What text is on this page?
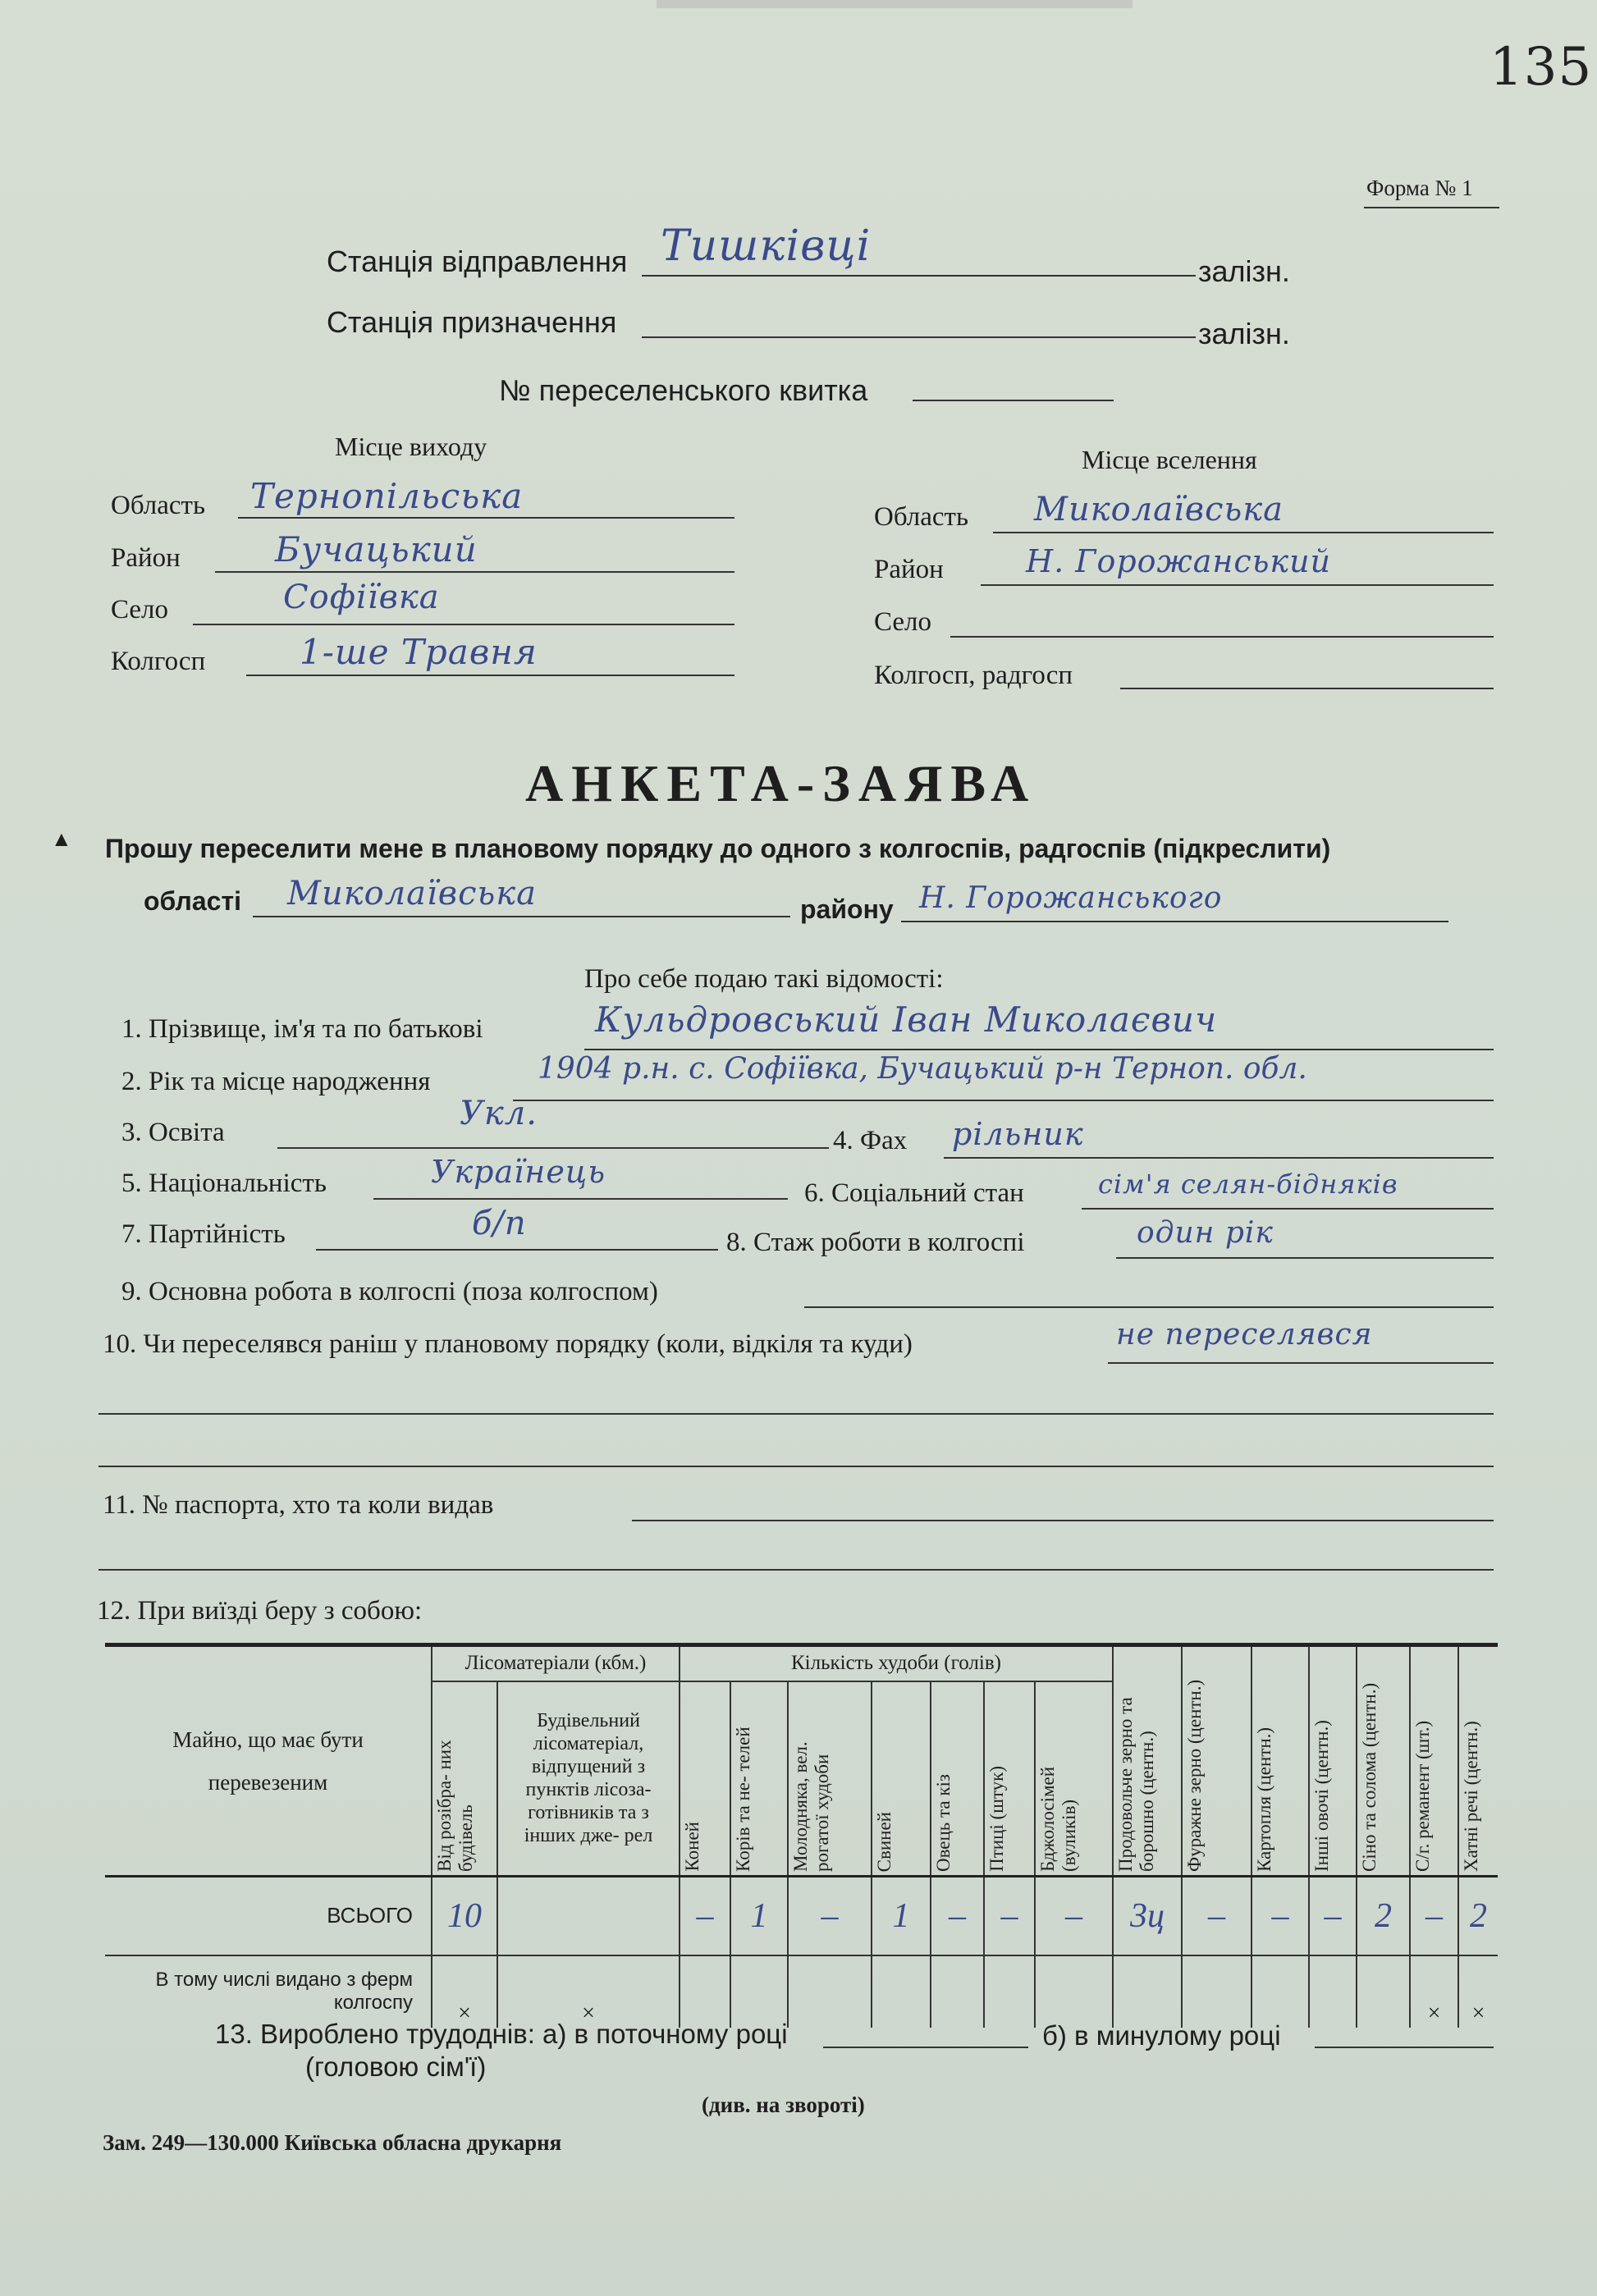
135
Форма № 1
Станція відправлення Тишківці
залізн.
Станція призначення	залізн.
№ переселенського квитка
Місце виходу
Область Тернопільська
Район	Бучацький
Село	Софіївка
Колгосп	1-ше Травня
Місце вселення
Область Миколаївська
Район	Н. Горожанський
Село
Колгосп, радгосп
АНКЕТА-ЗАЯВА
▲ Прошу переселити мене в плановому порядку до одного з колгоспів, радгоспів (підкреслити)
області Миколаївська	району Н. Горожанського
Про себе подаю такі відомості:
1. Прізвище, ім'я та по батькові	Кульдровський Іван Миколаєвич
2. Рік та місце народження	1904 р.н. с. Софіївка, Бучацький р-н Терноп. обл.
3. Освіта	Укл.
4. Фах рільник
5. Національність	Українець
6. Соціальний стан	сім'я селян-бідняків
7. Партійність	б/п	8. Стаж роботи в колгоспі	один рік
9. Основна робота в колгоспі (поза колгоспом)
10. Чи переселявся раніш у плановому порядку (коли, відкіля та куди)	не переселявся
11. № паспорта, хто та коли видав
12. При виїзді беру з собою:
Майно, що має бути перевезеним	Лісоматеріали (кбм.)		Кількість худоби (голів)							Продовольче зерно та борошно (центн.)	Фуражне зерно (центн.)	Картопля (центн.)	Інші овочі (центн.)	Сіно та солома (центн.)	С/г. реманент (шт.)	Хатні речі (центн.)

	Від розібра- них будівель	Будівельний лісоматеріал, відпущений з пунктів лісоза- готівників та з інших дже- рел	Коней	Корів та не- телей	Молодняка, вел. рогатої худоби	Свиней	Овець та кіз	Птиці (штук)	Бджолосімей (вуликів)							

ВСЬОГО	10		–	1	–	1	–	–	–	3ц	–	–	–	2	–	2
В тому числі видано з ферм колгоспу	×	×													×	×
13. Вироблено трудоднів: а) в поточному році	б) в минулому році
(головою сім'ї)
(див. на звороті)
Зам. 249—130.000 Київська обласна друкарня
